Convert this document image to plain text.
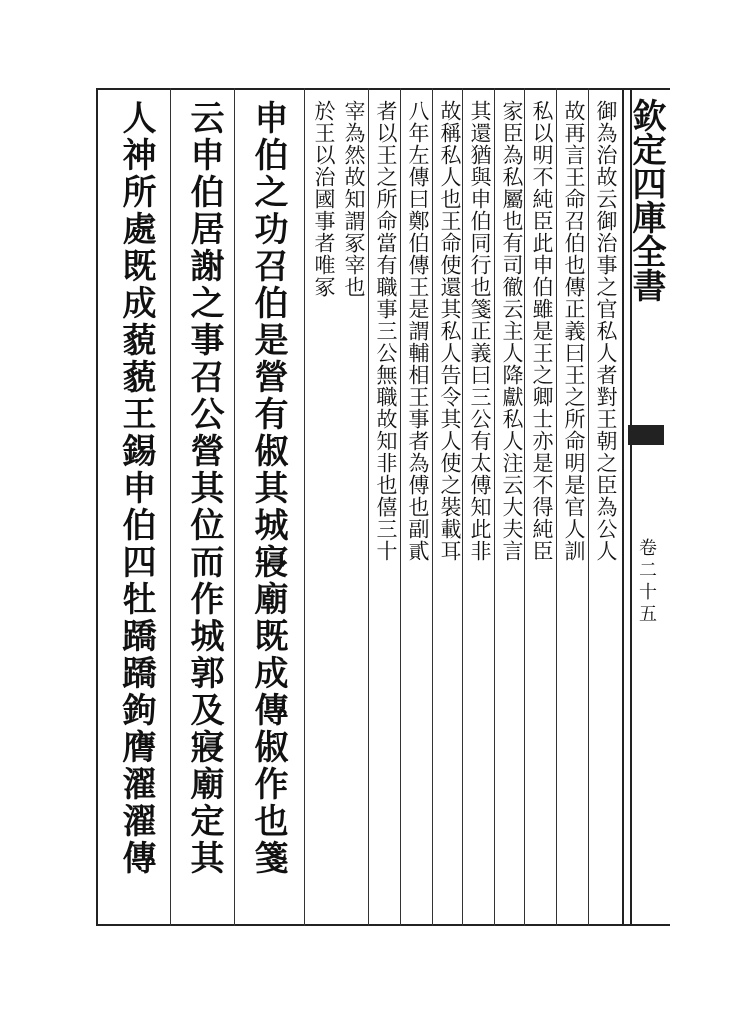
欽定四庫全書
卷二十五
御為治故云御治事之官私人者對王朝之臣為公人
故再言王命召伯也傳正義曰王之所命明是官人訓
私以明不純臣此申伯雖是王之卿士亦是不得純臣
家臣為私屬也有司徹云主人降獻私人注云大夫言
其還猶與申伯同行也箋正義曰三公有太傅知此非
故稱私人也王命使還其私人告令其人使之裝載耳
八年左傳曰鄭伯傳王是謂輔相王事者為傅也副貳
者以王之所命當有職事三公無職故知非也僖三十
宰為然故知謂冢宰也
於王以治國事者唯冢
申伯之功召伯是營有俶其城寢廟既成傳俶作也箋
云申伯居謝之事召公營其位而作城郭及寢廟定其
人神所處既成藐藐王錫申伯四牡蹻蹻鉤膺濯濯傳
